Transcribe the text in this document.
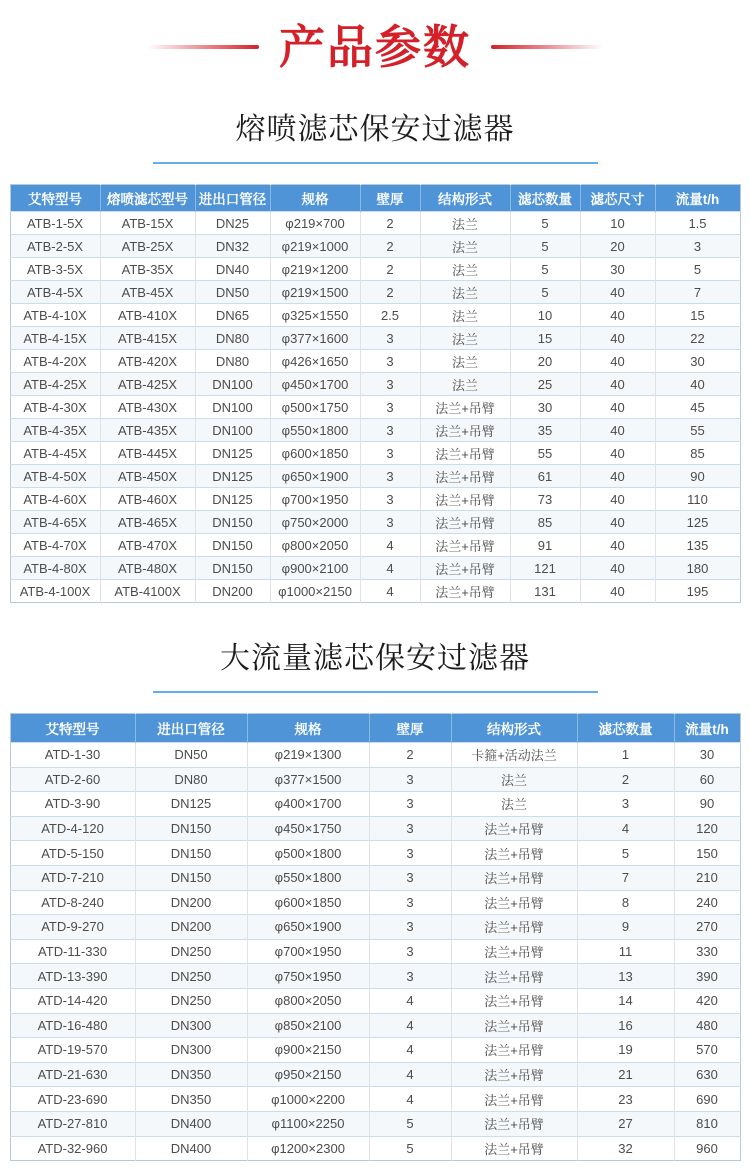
产品参数
熔喷滤芯保安过滤器
艾特型号	熔喷滤芯型号	进出口管径	规格	壁厚	结构形式	滤芯数量	滤芯尺寸	流量t/h
ATB-1-5X	ATB-15X	DN25	φ219×700	2	法兰	5	10	1.5
ATB-2-5X	ATB-25X	DN32	φ219×1000	2	法兰	5	20	3
ATB-3-5X	ATB-35X	DN40	φ219×1200	2	法兰	5	30	5
ATB-4-5X	ATB-45X	DN50	φ219×1500	2	法兰	5	40	7
ATB-4-10X	ATB-410X	DN65	φ325×1550	2.5	法兰	10	40	15
ATB-4-15X	ATB-415X	DN80	φ377×1600	3	法兰	15	40	22
ATB-4-20X	ATB-420X	DN80	φ426×1650	3	法兰	20	40	30
ATB-4-25X	ATB-425X	DN100	φ450×1700	3	法兰	25	40	40
ATB-4-30X	ATB-430X	DN100	φ500×1750	3	法兰+吊臂	30	40	45
ATB-4-35X	ATB-435X	DN100	φ550×1800	3	法兰+吊臂	35	40	55
ATB-4-45X	ATB-445X	DN125	φ600×1850	3	法兰+吊臂	55	40	85
ATB-4-50X	ATB-450X	DN125	φ650×1900	3	法兰+吊臂	61	40	90
ATB-4-60X	ATB-460X	DN125	φ700×1950	3	法兰+吊臂	73	40	110
ATB-4-65X	ATB-465X	DN150	φ750×2000	3	法兰+吊臂	85	40	125
ATB-4-70X	ATB-470X	DN150	φ800×2050	4	法兰+吊臂	91	40	135
ATB-4-80X	ATB-480X	DN150	φ900×2100	4	法兰+吊臂	121	40	180
ATB-4-100X	ATB-4100X	DN200	φ1000×2150	4	法兰+吊臂	131	40	195
大流量滤芯保安过滤器
艾特型号	进出口管径	规格	壁厚	结构形式	滤芯数量	流量t/h
ATD-1-30	DN50	φ219×1300	2	卡箍+活动法兰	1	30
ATD-2-60	DN80	φ377×1500	3	法兰	2	60
ATD-3-90	DN125	φ400×1700	3	法兰	3	90
ATD-4-120	DN150	φ450×1750	3	法兰+吊臂	4	120
ATD-5-150	DN150	φ500×1800	3	法兰+吊臂	5	150
ATD-7-210	DN150	φ550×1800	3	法兰+吊臂	7	210
ATD-8-240	DN200	φ600×1850	3	法兰+吊臂	8	240
ATD-9-270	DN200	φ650×1900	3	法兰+吊臂	9	270
ATD-11-330	DN250	φ700×1950	3	法兰+吊臂	11	330
ATD-13-390	DN250	φ750×1950	3	法兰+吊臂	13	390
ATD-14-420	DN250	φ800×2050	4	法兰+吊臂	14	420
ATD-16-480	DN300	φ850×2100	4	法兰+吊臂	16	480
ATD-19-570	DN300	φ900×2150	4	法兰+吊臂	19	570
ATD-21-630	DN350	φ950×2150	4	法兰+吊臂	21	630
ATD-23-690	DN350	φ1000×2200	4	法兰+吊臂	23	690
ATD-27-810	DN400	φ1100×2250	5	法兰+吊臂	27	810
ATD-32-960	DN400	φ1200×2300	5	法兰+吊臂	32	960
